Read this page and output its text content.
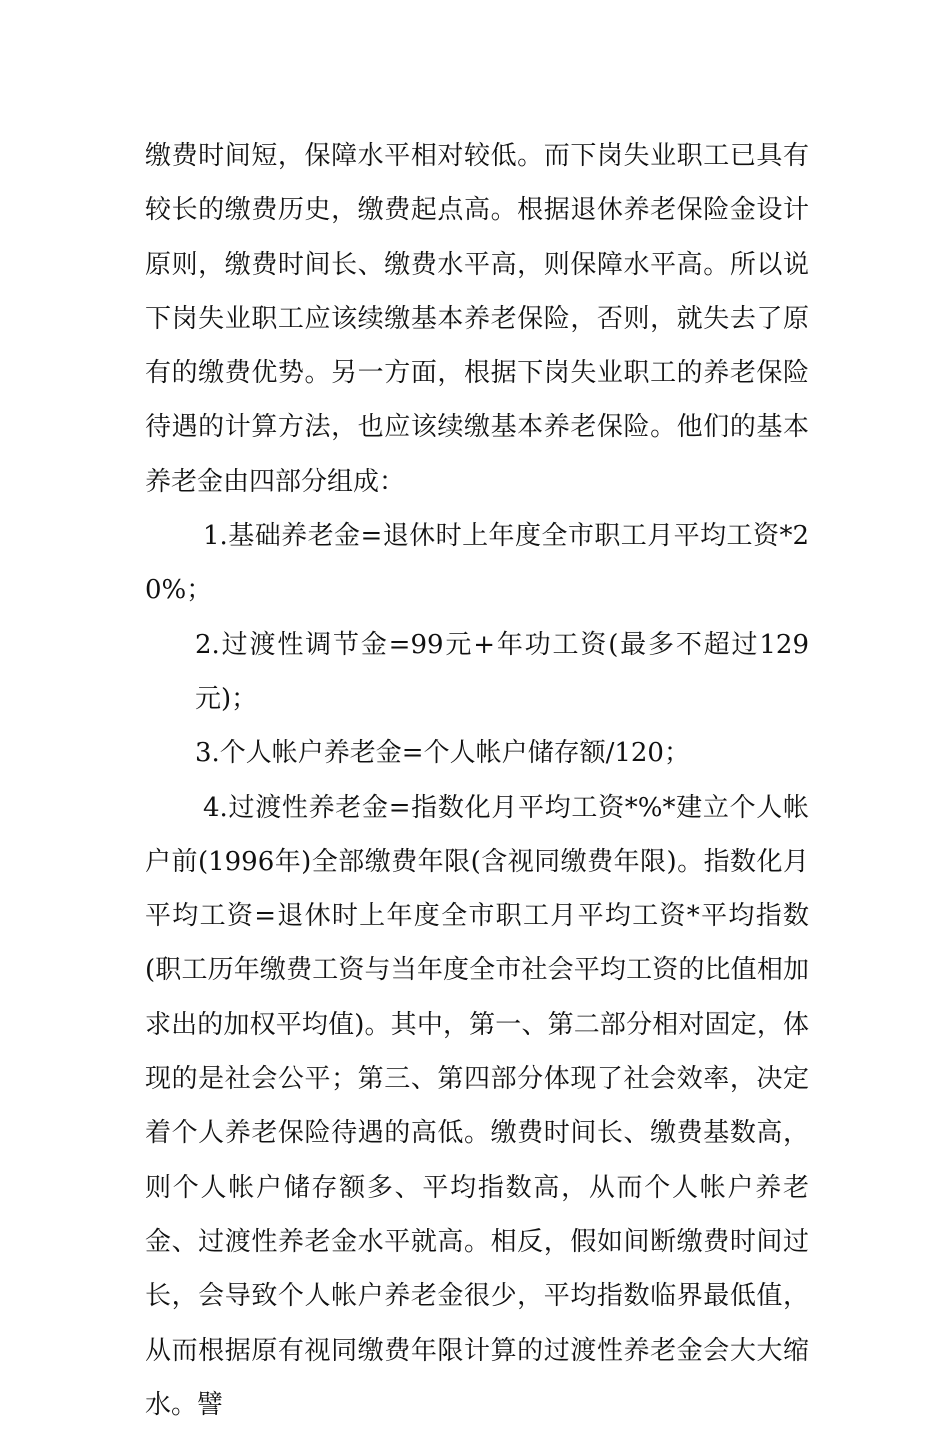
缴费时间短，保障水平相对较低。而下岗失业职工已具有较长的缴费历史，缴费起点高。根据退休养老保险金设计原则，缴费时间长、缴费水平高，则保障水平高。所以说下岗失业职工应该续缴基本养老保险，否则，就失去了原有的缴费优势。另一方面，根据下岗失业职工的养老保险待遇的计算方法，也应该续缴基本养老保险。他们的基本养老金由四部分组成：

1.基础养老金=退休时上年度全市职工月平均工资*20%；

2.过渡性调节金=99元+年功工资(最多不超过129元)；

3.个人帐户养老金=个人帐户储存额/120；

4.过渡性养老金=指数化月平均工资*%*建立个人帐户前(1996年)全部缴费年限(含视同缴费年限)。指数化月平均工资=退休时上年度全市职工月平均工资*平均指数(职工历年缴费工资与当年度全市社会平均工资的比值相加求出的加权平均值)。其中，第一、第二部分相对固定，体现的是社会公平；第三、第四部分体现了社会效率，决定着个人养老保险待遇的高低。缴费时间长、缴费基数高，则个人帐户储存额多、平均指数高，从而个人帐户养老金、过渡性养老金水平就高。相反，假如间断缴费时间过长，会导致个人帐户养老金很少，平均指数临界最低值，从而根据原有视同缴费年限计算的过渡性养老金会大大缩水。譬
